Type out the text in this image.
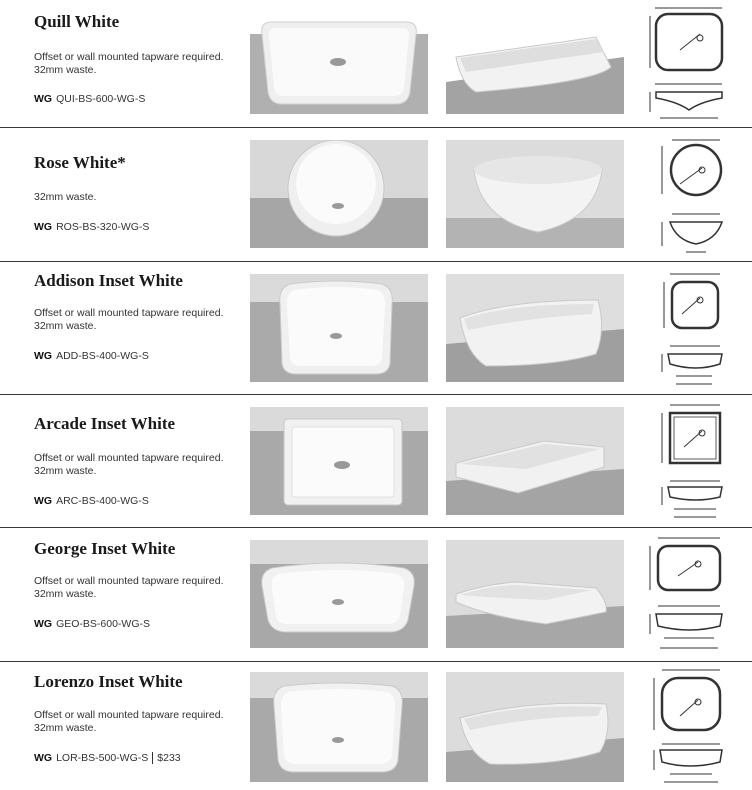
Quill White
Offset or wall mounted tapware required.
32mm waste.
WG QUI-BS-600-WG-S
Rose White*
32mm waste.
WG ROS-BS-320-WG-S
Addison Inset White
Offset or wall mounted tapware required.
32mm waste.
WG ADD-BS-400-WG-S
Arcade Inset White
Offset or wall mounted tapware required.
32mm waste.
WG ARC-BS-400-WG-S
George Inset White
Offset or wall mounted tapware required.
32mm waste.
WG GEO-BS-600-WG-S
Lorenzo Inset White
Offset or wall mounted tapware required.
32mm waste.
WG LOR-BS-500-WG-S $233
